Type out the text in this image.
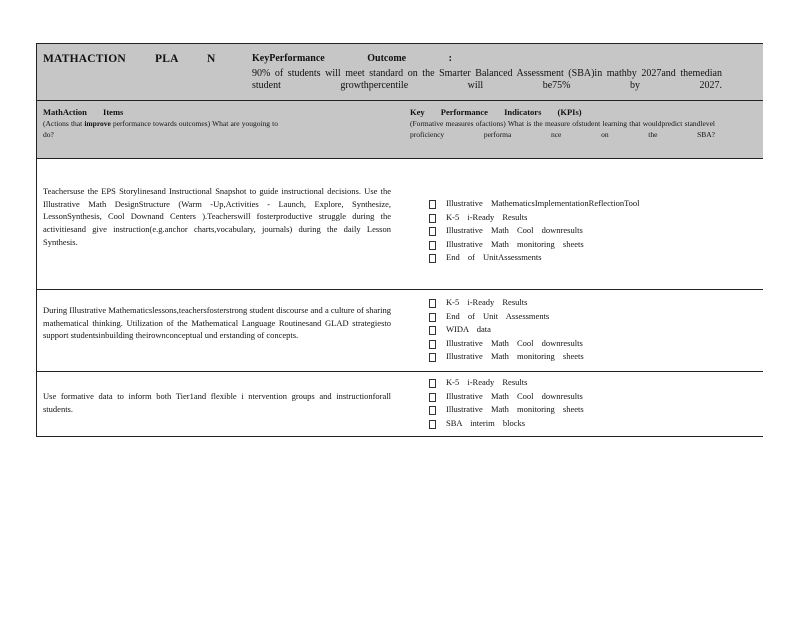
MATHACTION PLA N	KeyPerformance Outcome :
90% of students will meet standard on the Smarter Balanced Assessment (SBA)in mathby 2027and themedian student growthpercentile will be75% by 2027.
MathAction Items
(Actions that improve performance towards outcomes) What are yougoing to do?
Key Performance Indicators (KPIs)
(Formative measures ofactions) What is the measure ofstudent learning that wouldpredict standlevel proficiency performa nce on the SBA?
Teachersuse the EPS Storylinesand Instructional Snapshot to guide instructional decisions. Use the Illustrative Math DesignStructure (Warm -Up,Activities - Launch, Explore, Synthesize, LessonSynthesis, Cool Downand Centers ).Teacherswill fosterproductive struggle during the activitiesand give instruction(e.g.anchor charts,vocabulary, journals) during the daily Lesson Synthesis.
Illustrative MathematicsImplementationReflectionTool
K-5 i-Ready Results
Illustrative Math Cool downresults
Illustrative Math monitoring sheets
End of UnitAssessments
During Illustrative Mathematicslessons,teachersfosterstrong student discourse and a culture of sharing mathematical thinking. Utilization of the Mathematical Language Routinesand GLAD strategiesto support studentsinbuilding theirownconceptual und erstanding of concepts.
K-5 i-Ready Results
End of Unit Assessments
WIDA data
Illustrative Math Cool downresults
Illustrative Math monitoring sheets
Use formative data to inform both Tier1and flexible i ntervention groups and instructionforall students.
K-5 i-Ready Results
Illustrative Math Cool downresults
Illustrative Math monitoring sheets
SBA interim blocks
